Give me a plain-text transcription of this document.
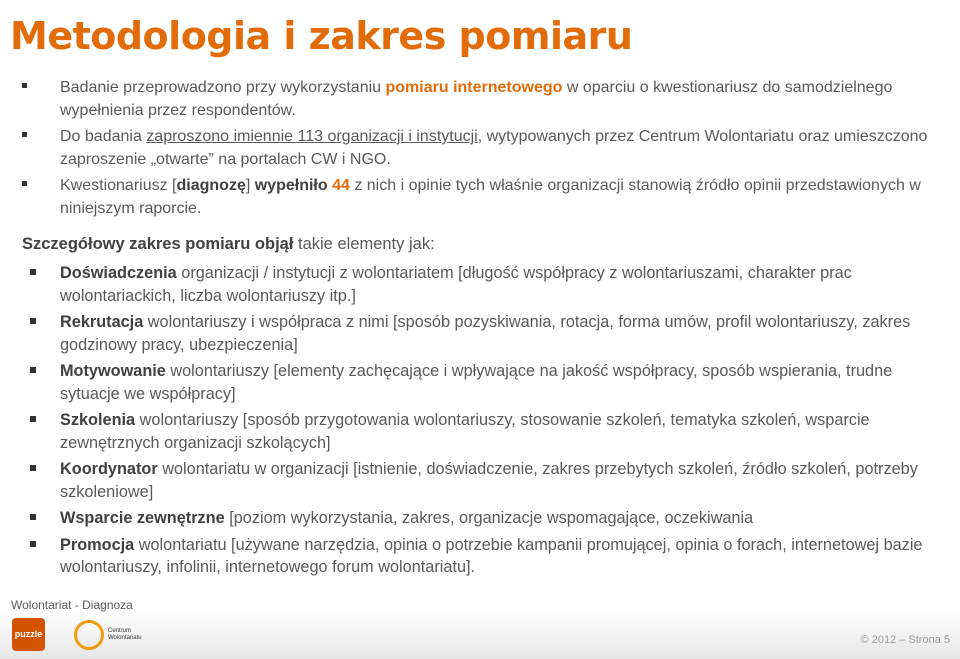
Metodologia i zakres pomiaru
Badanie przeprowadzono przy wykorzystaniu pomiaru internetowego w oparciu o kwestionariusz do samodzielnego wypełnienia przez respondentów.
Do badania zaproszono imiennie 113 organizacji i instytucji, wytypowanych przez Centrum Wolontariatu oraz umieszczono zaproszenie „otwarte” na portalach CW i NGO.
Kwestionariusz [diagnozę] wypełniło 44 z nich i opinie tych właśnie organizacji stanowią źródło opinii przedstawionych w niniejszym raporcie.
Szczegółowy zakres pomiaru objął takie elementy jak:
Doświadczenia organizacji / instytucji z wolontariatem [długość współpracy z wolontariuszami, charakter prac wolontariackich, liczba wolontariuszy itp.]
Rekrutacja wolontariuszy i współpraca z nimi [sposób pozyskiwania, rotacja, forma umów, profil wolontariuszy, zakres godzinowy pracy, ubezpieczenia]
Motywowanie wolontariuszy [elementy zachęcające i wpływające na jakość współpracy, sposób wspierania, trudne sytuacje we współpracy]
Szkolenia wolontariuszy [sposób przygotowania wolontariuszy, stosowanie szkoleń, tematyka szkoleń, wsparcie zewnętrznych organizacji szkolących]
Koordynator wolontariatu w organizacji [istnienie, doświadczenie, zakres przebytych szkoleń, źródło szkoleń, potrzeby szkoleniowe]
Wsparcie zewnętrzne [poziom wykorzystania, zakres, organizacje wspomagające, oczekiwania
Promocja wolontariatu [używane narzędzia, opinia o potrzebie kampanii promującej, opinia o forach, internetowej bazie wolontariuszy, infolinii, internetowego forum wolontariatu].
Wolontariat - Diagnoza
puzzle	Centrum
Wolontariatu	© 2012 – Strona 5
